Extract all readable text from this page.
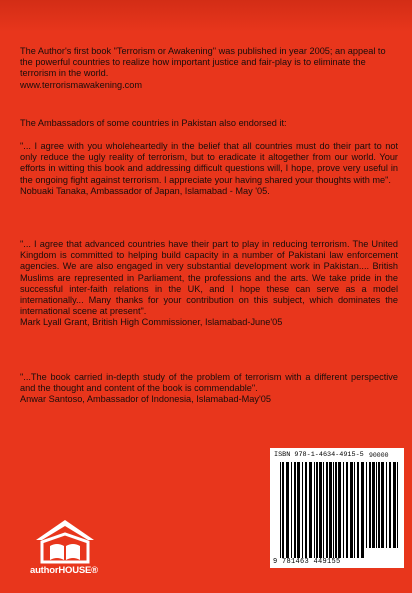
The Author's first book "Terrorism or Awakening" was published in year 2005; an appeal to the powerful countries to realize how important justice and fair-play is to eliminate the terrorism in the world.

www.terrorismawakening.com

The Ambassadors of some countries in Pakistan also endorsed it:

"... I agree with you wholeheartedly in the belief that all countries must do their part to not only reduce the ugly reality of terrorism, but to eradicate it altogether from our world. Your efforts in witting this book and addressing difficult questions will, I hope, prove very useful in the ongoing fight against terrorism. I appreciate your having shared your thoughts with me".

Nobuaki Tanaka, Ambassador of Japan, Islamabad - May '05.

"... I agree that advanced countries have their part to play in reducing terrorism. The United Kingdom is committed to helping build capacity in a number of Pakistani law enforcement agencies. We are also engaged in very substantial development work in Pakistan.... British Muslims are represented in Parliament, the professions and the arts. We take pride in the successful inter-faith relations in the UK, and I hope these can serve as a model internationally... Many thanks for your contribution on this subject, which dominates the international scene at present".

Mark Lyall Grant, British High Commissioner, Islamabad-June'05

"...The book carried in-depth study of the problem of terrorism with a different perspective and the thought and content of the book is commendable".

Anwar Santoso, Ambassador of Indonesia, Islamabad-May'05

ISBN 978-1-4634-4915-5 90000
9 781463 449155
authorHOUSE®
